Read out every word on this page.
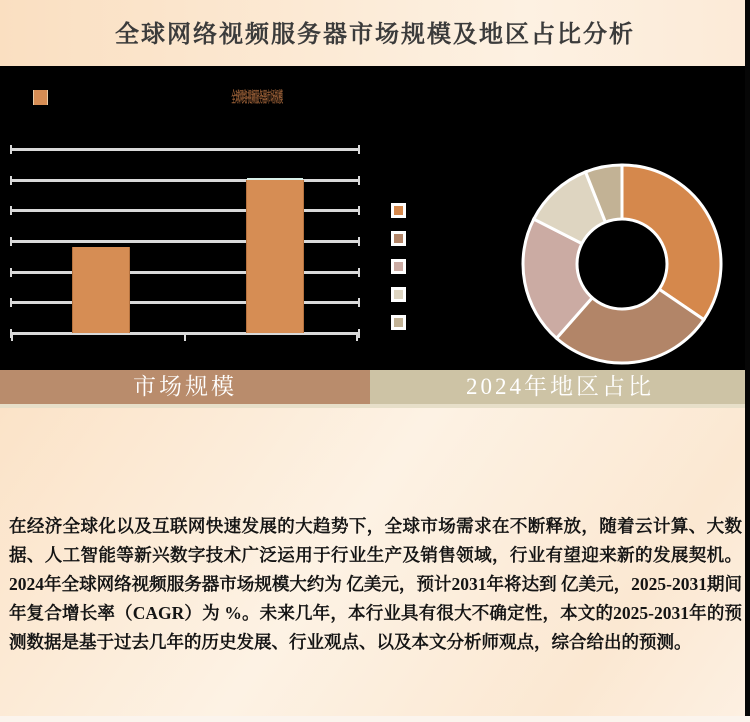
全球网络视频服务器市场规模及地区占比分析
全球网络视频服务器市场规模
市场规模	2024年地区占比
在经济全球化以及互联网快速发展的大趋势下，全球市场需求在不断释放，随着云计算、大数据、人工智能等新兴数字技术广泛运用于行业生产及销售领域，行业有望迎来新的发展契机。2024年全球网络视频服务器市场规模大约为 亿美元，预计2031年将达到 亿美元，2025-2031期间年复合增长率（CAGR）为 %。未来几年，本行业具有很大不确定性，本文的2025-2031年的预测数据是基于过去几年的历史发展、行业观点、以及本文分析师观点，综合给出的预测。
